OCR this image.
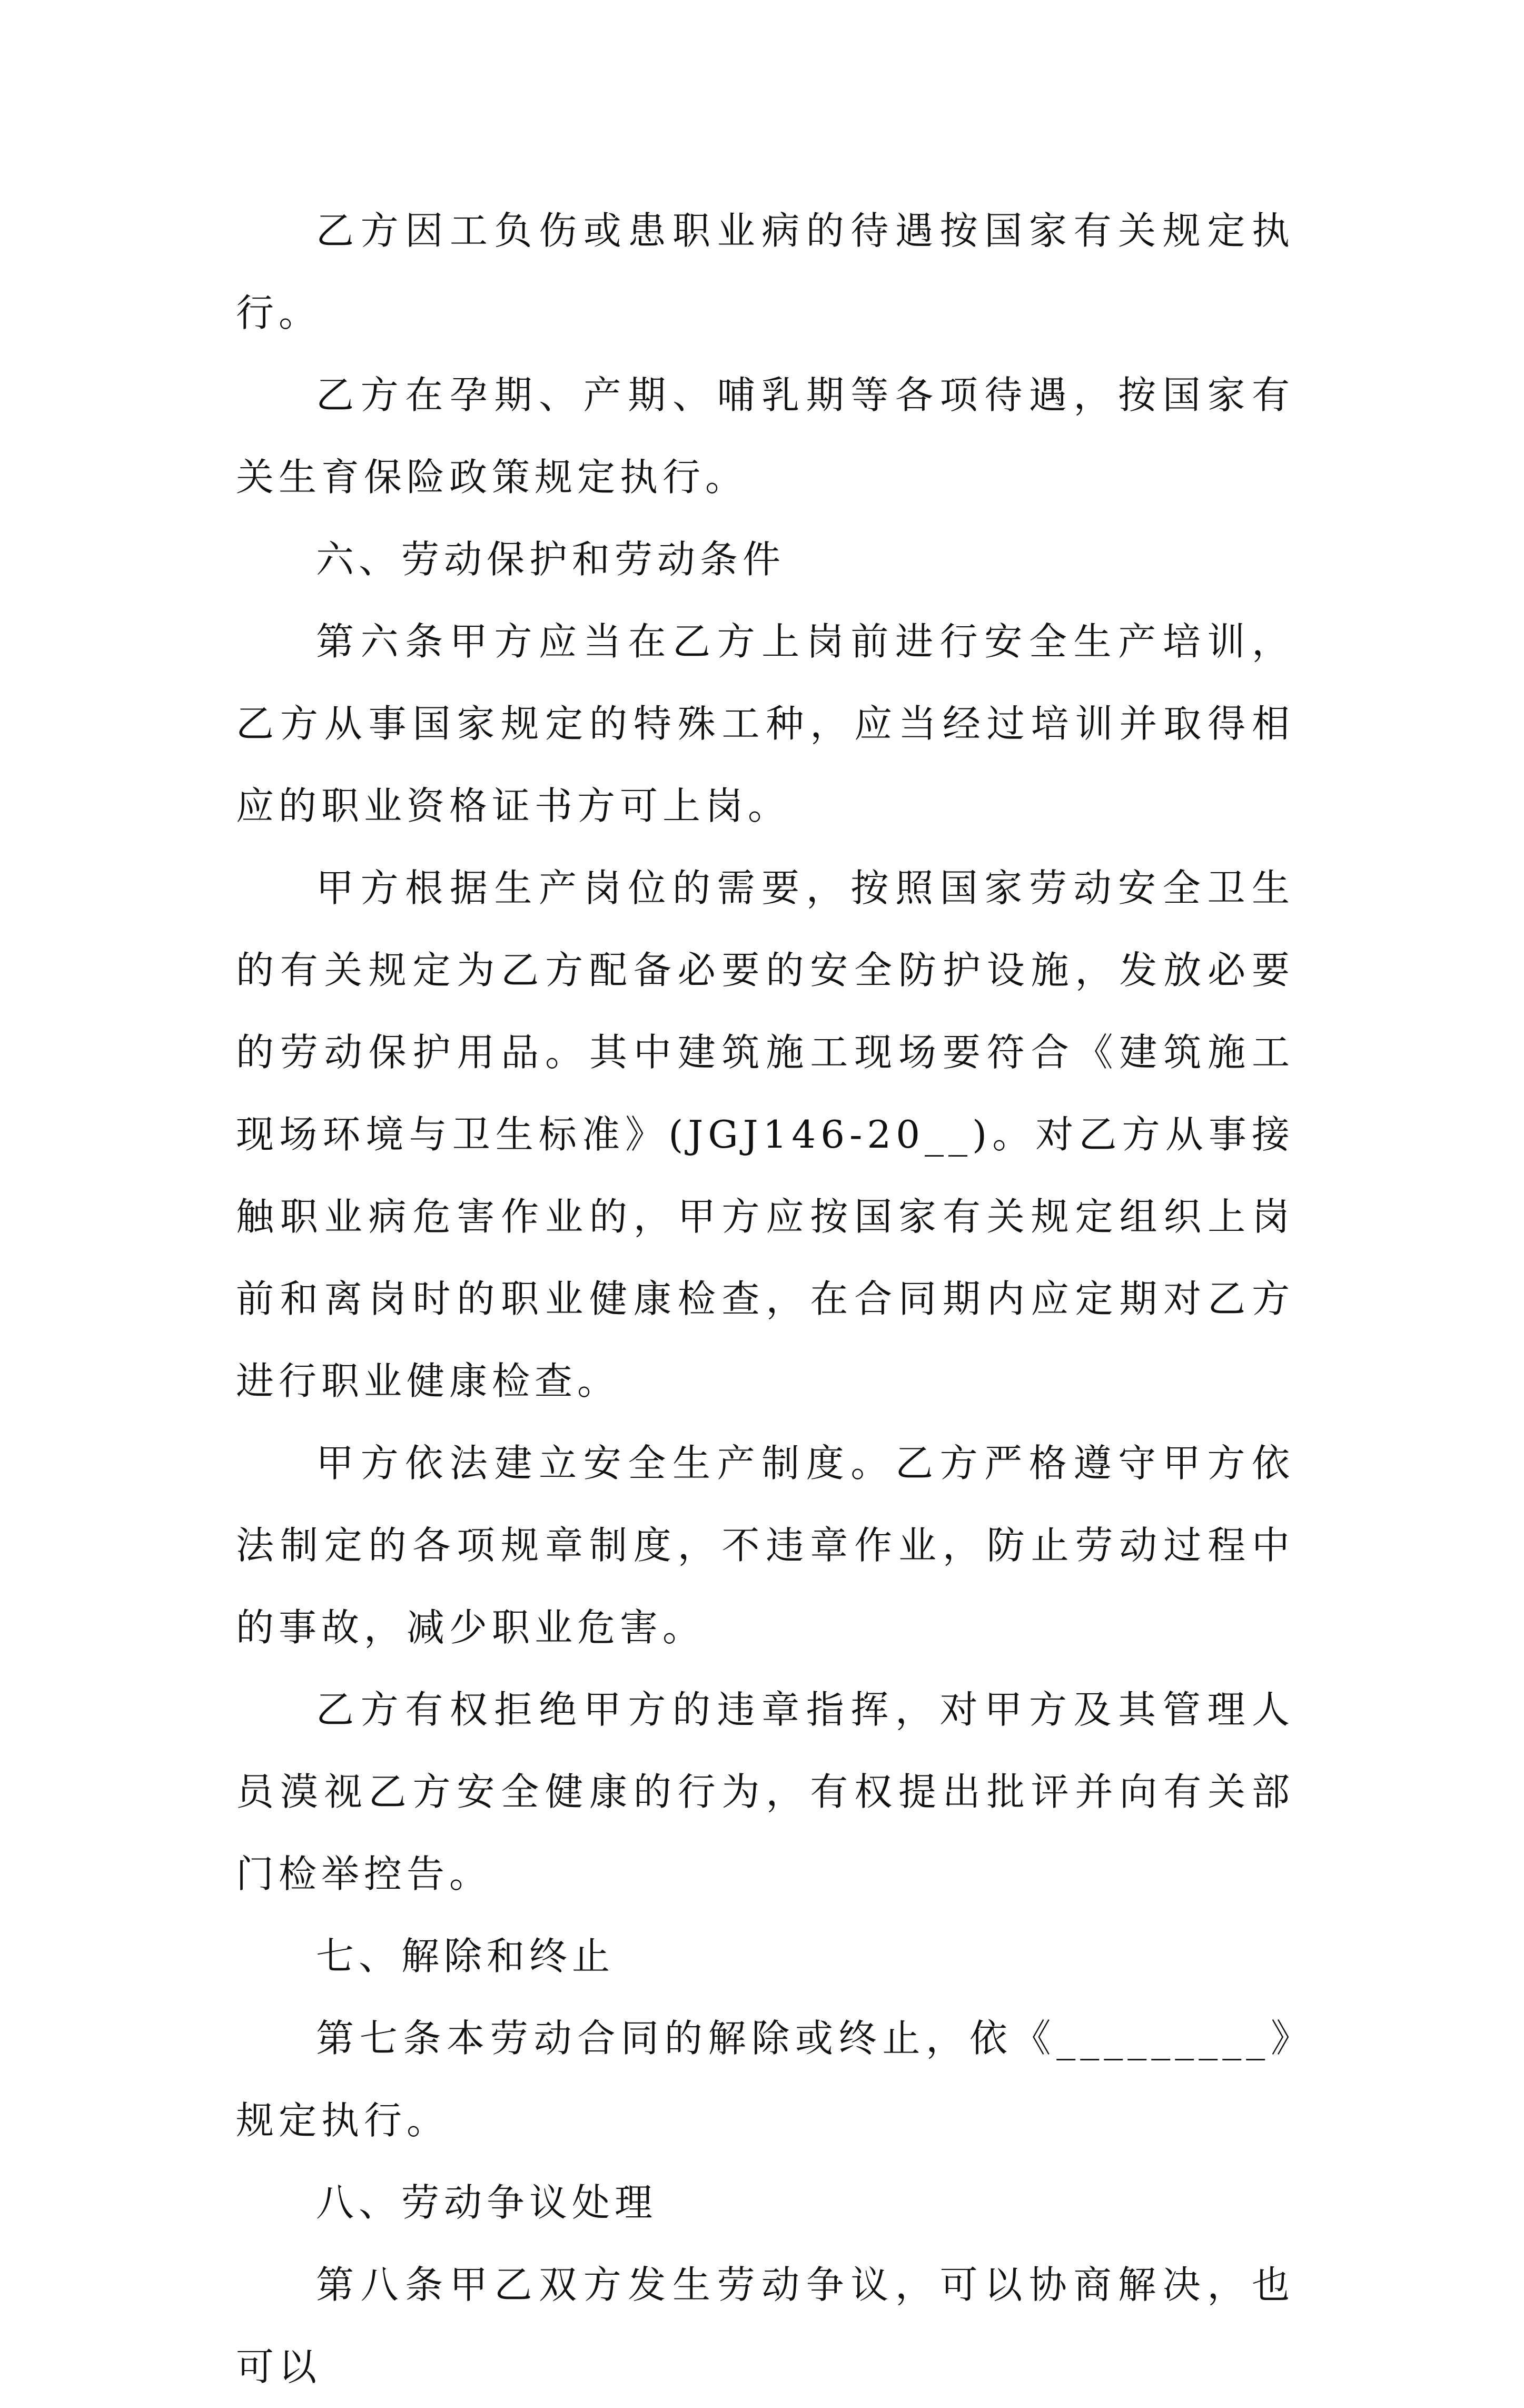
乙方因工负伤或患职业病的待遇按国家有关规定执行。

乙方在孕期、产期、哺乳期等各项待遇，按国家有关生育保险政策规定执行。

六、劳动保护和劳动条件

第六条甲方应当在乙方上岗前进行安全生产培训，乙方从事国家规定的特殊工种，应当经过培训并取得相应的职业资格证书方可上岗。

甲方根据生产岗位的需要，按照国家劳动安全卫生的有关规定为乙方配备必要的安全防护设施，发放必要的劳动保护用品。其中建筑施工现场要符合《建筑施工现场环境与卫生标准》(JGJ146-20__)。对乙方从事接触职业病危害作业的，甲方应按国家有关规定组织上岗前和离岗时的职业健康检查，在合同期内应定期对乙方进行职业健康检查。

甲方依法建立安全生产制度。乙方严格遵守甲方依法制定的各项规章制度，不违章作业，防止劳动过程中的事故，减少职业危害。

乙方有权拒绝甲方的违章指挥，对甲方及其管理人员漠视乙方安全健康的行为，有权提出批评并向有关部门检举控告。

七、解除和终止

第七条本劳动合同的解除或终止，依《_________》规定执行。

八、劳动争议处理

第八条甲乙双方发生劳动争议，可以协商解决，也可以
